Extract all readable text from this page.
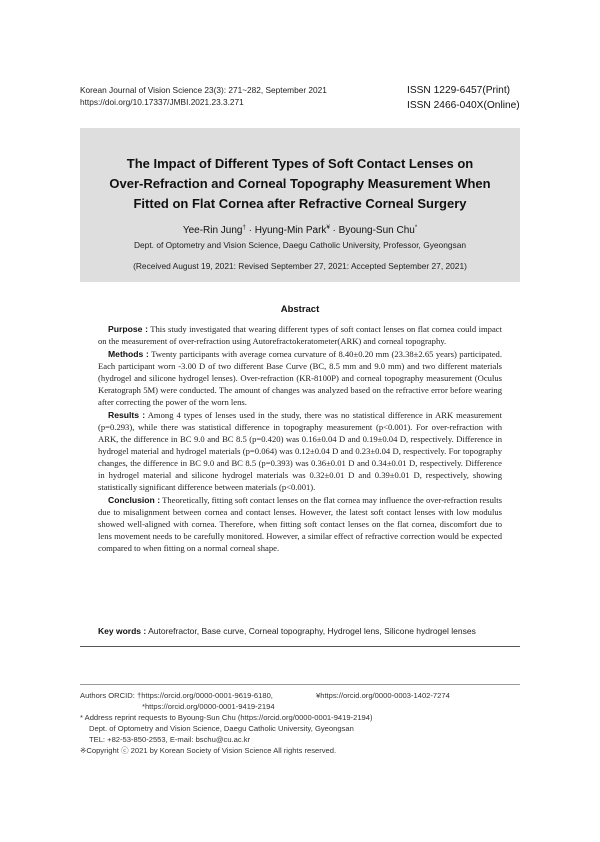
Korean Journal of Vision Science 23(3): 271~282, September 2021
https://doi.org/10.17337/JMBI.2021.23.3.271
ISSN 1229-6457(Print)
ISSN 2466-040X(Online)
The Impact of Different Types of Soft Contact Lenses on
Over-Refraction and Corneal Topography Measurement When
Fitted on Flat Cornea after Refractive Corneal Surgery
Yee-Rin Jung† · Hyung-Min Park¥ · Byoung-Sun Chu*
Dept. of Optometry and Vision Science, Daegu Catholic University, Professor, Gyeongsan
(Received August 19, 2021: Revised September 27, 2021: Accepted September 27, 2021)
Abstract

Purpose : This study investigated that wearing different types of soft contact lenses on flat cornea could impact on the measurement of over-refraction using Autorefractokeratometer(ARK) and corneal topography.

Methods : Twenty participants with average cornea curvature of 8.40±0.20 mm (23.38±2.65 years) participated. Each participant worn -3.00 D of two different Base Curve (BC, 8.5 mm and 9.0 mm) and two different materials (hydrogel and silicone hydrogel lenses). Over-refraction (KR-8100P) and corneal topography measurement (Oculus Keratograph 5M) were conducted. The amount of changes was analyzed based on the refractive error before wearing after correcting the power of the worn lens.

Results : Among 4 types of lenses used in the study, there was no statistical difference in ARK measurement (p=0.293), while there was statistical difference in topography measurement (p<0.001). For over-refraction with ARK, the difference in BC 9.0 and BC 8.5 (p=0.420) was 0.16±0.04 D and 0.19±0.04 D, respectively. Difference in hydrogel material and hydrogel materials (p=0.064) was 0.12±0.04 D and 0.23±0.04 D, respectively. For topography changes, the difference in BC 9.0 and BC 8.5 (p=0.393) was 0.36±0.01 D and 0.34±0.01 D, respectively. Difference in hydrogel material and silicone hydrogel materials was 0.32±0.01 D and 0.39±0.01 D, respectively, showing statistically significant difference between materials (p<0.001).

Conclusion : Theoretically, fitting soft contact lenses on the flat cornea may influence the over-refraction results due to misalignment between cornea and contact lenses. However, the latest soft contact lenses with low modulus showed well-aligned with cornea. Therefore, when fitting soft contact lenses on the flat cornea, discomfort due to lens movement needs to be carefully monitored. However, a similar effect of refractive correction would be expected compared to when fitting on a normal corneal shape.

Key words : Autorefractor, Base curve, Corneal topography, Hydrogel lens, Silicone hydrogel lenses
Authors ORCID: †https://orcid.org/0000-0001-9619-6180,	¥https://orcid.org/0000-0003-1402-7274
*https://orcid.org/0000-0001-9419-2194
* Address reprint requests to Byoung-Sun Chu (https://orcid.org/0000-0001-9419-2194)
Dept. of Optometry and Vision Science, Daegu Catholic University, Gyeongsan
TEL: +82-53-850-2553, E-mail: bschu@cu.ac.kr
※Copyright ⓒ 2021 by Korean Society of Vision Science All rights reserved.
